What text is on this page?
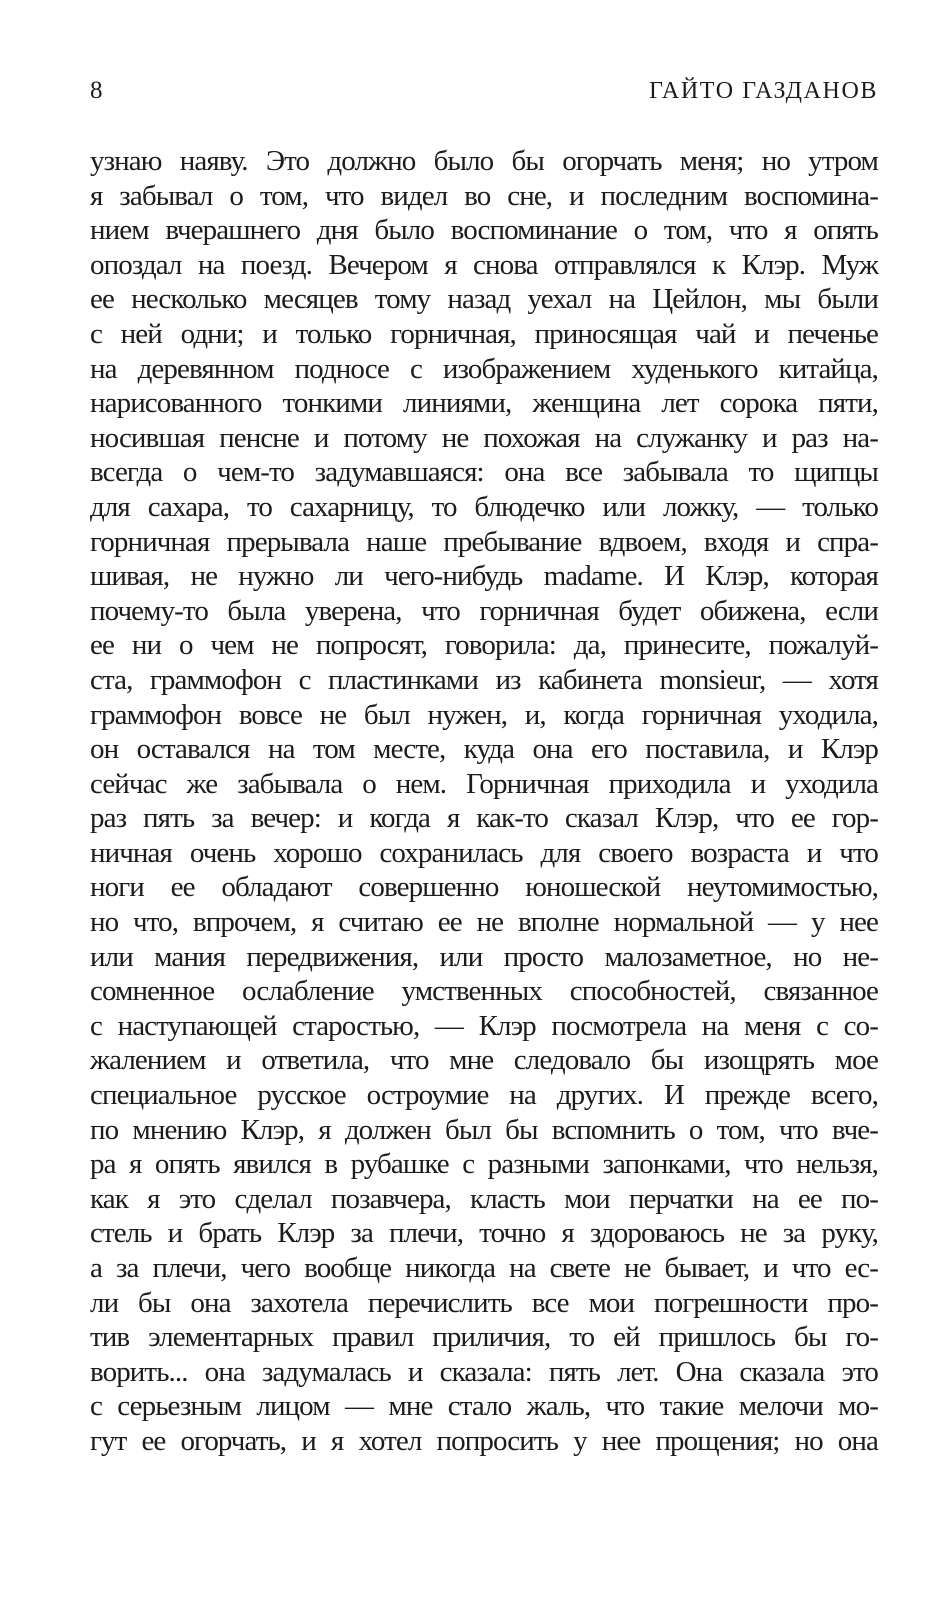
8	ГАЙТО ГАЗДАНОВ
узнаю наяву. Это должно было бы огорчать меня; но утром
я забывал о том, что видел во сне, и последним воспомина-
нием вчерашнего дня было воспоминание о том, что я опять
опоздал на поезд. Вечером я снова отправлялся к Клэр. Муж
ее несколько месяцев тому назад уехал на Цейлон, мы были
с ней одни; и только горничная, приносящая чай и печенье
на деревянном подносе с изображением худенького китайца,
нарисованного тонкими линиями, женщина лет сорока пяти,
носившая пенсне и потому не похожая на служанку и раз на-
всегда о чем-то задумавшаяся: она все забывала то щипцы
для сахара, то сахарницу, то блюдечко или ложку, — только
горничная прерывала наше пребывание вдвоем, входя и спра-
шивая, не нужно ли чего-нибудь madame. И Клэр, которая
почему-то была уверена, что горничная будет обижена, если
ее ни о чем не попросят, говорила: да, принесите, пожалуй-
ста, граммофон с пластинками из кабинета monsieur, — хотя
граммофон вовсе не был нужен, и, когда горничная уходила,
он оставался на том месте, куда она его поставила, и Клэр
сейчас же забывала о нем. Горничная приходила и уходила
раз пять за вечер: и когда я как-то сказал Клэр, что ее гор-
ничная очень хорошо сохранилась для своего возраста и что
ноги ее обладают совершенно юношеской неутомимостью,
но что, впрочем, я считаю ее не вполне нормальной — у нее
или мания передвижения, или просто малозаметное, но не-
сомненное ослабление умственных способностей, связанное
с наступающей старостью, — Клэр посмотрела на меня с со-
жалением и ответила, что мне следовало бы изощрять мое
специальное русское остроумие на других. И прежде всего,
по мнению Клэр, я должен был бы вспомнить о том, что вче-
ра я опять явился в рубашке с разными запонками, что нельзя,
как я это сделал позавчера, класть мои перчатки на ее по-
стель и брать Клэр за плечи, точно я здороваюсь не за руку,
а за плечи, чего вообще никогда на свете не бывает, и что ес-
ли бы она захотела перечислить все мои погрешности про-
тив элементарных правил приличия, то ей пришлось бы го-
ворить... она задумалась и сказала: пять лет. Она сказала это
с серьезным лицом — мне стало жаль, что такие мелочи мо-
гут ее огорчать, и я хотел попросить у нее прощения; но она
